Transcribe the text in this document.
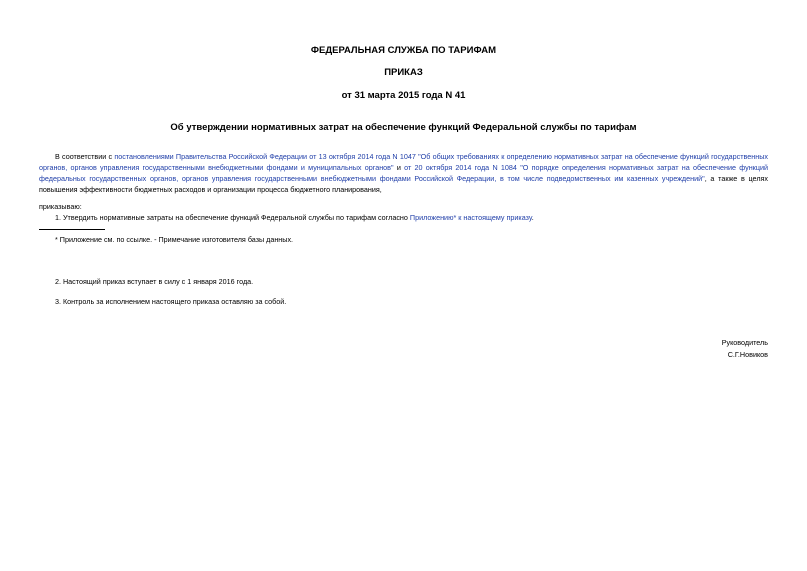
ФЕДЕРАЛЬНАЯ СЛУЖБА ПО ТАРИФАМ
ПРИКАЗ
от 31 марта 2015 года N 41
Об утверждении нормативных затрат на обеспечение функций Федеральной службы по тарифам
В соответствии с постановлениями Правительства Российской Федерации от 13 октября 2014 года N 1047 "Об общих требованиях к определению нормативных затрат на обеспечение функций государственных органов, органов управления государственными внебюджетными фондами и муниципальных органов" и от 20 октября 2014 года N 1084 "О порядке определения нормативных затрат на обеспечение функций федеральных государственных органов, органов управления государственными внебюджетными фондами Российской Федерации, в том числе подведомственных им казенных учреждений", а также в целях повышения эффективности бюджетных расходов и организации процесса бюджетного планирования,
приказываю:
1. Утвердить нормативные затраты на обеспечение функций Федеральной службы по тарифам согласно Приложению* к настоящему приказу.
* Приложение см. по ссылке. - Примечание изготовителя базы данных.
2. Настоящий приказ вступает в силу с 1 января 2016 года.
3. Контроль за исполнением настоящего приказа оставляю за собой.
Руководитель
С.Г.Новиков
